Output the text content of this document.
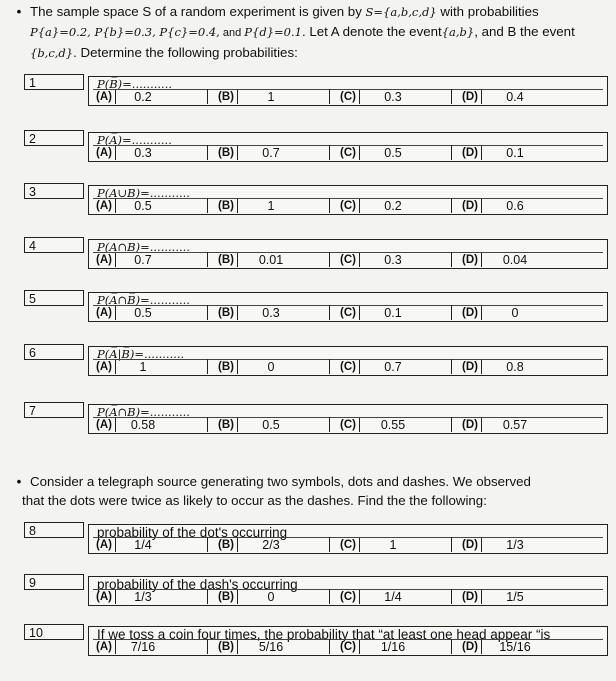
• The sample space S of a random experiment is given by S={a,b,c,d} with probabilities
P{a}=0.2, P{b}=0.3, P{c}=0.4, and P{d}=0.1. Let A denote the event{a,b}, and B the event
{b,c,d}. Determine the following probabilities:
1	P(B̅)=...........
(A)	0.2	(B)	1	(C)	0.3	(D)	0.4
2	P(A̅)=...........
(A)	0.3	(B)	0.7	(C)	0.5	(D)	0.1
3	P(A∪B)=...........
(A)	0.5	(B)	1	(C)	0.2	(D)	0.6
4	P(A∩B)=...........
(A)	0.7	(B)	0.01	(C)	0.3	(D)	0.04
5	P(A̅∩B̅)=...........
(A)	0.5	(B)	0.3	(C)	0.1	(D)	0
6	P(A̅|B̅)=...........
(A)	1	(B)	0	(C)	0.7	(D)	0.8
7	P(A̅∩B)=...........
(A)	0.58	(B)	0.5	(C)	0.55	(D)	0.57
8	probability of the dot's occurring
(A)	1/4	(B)	2/3	(C)	1	(D)	1/3
9	probability of the dash's occurring
(A)	1/3	(B)	0	(C)	1/4	(D)	1/5
10	If we toss a coin four times, the probability that “at least one head appear “is
(A)	7/16	(B)	5/16	(C)	1/16	(D)	15/16
• Consider a telegraph source generating two symbols, dots and dashes. We observed
that the dots were twice as likely to occur as the dashes. Find the the following:
